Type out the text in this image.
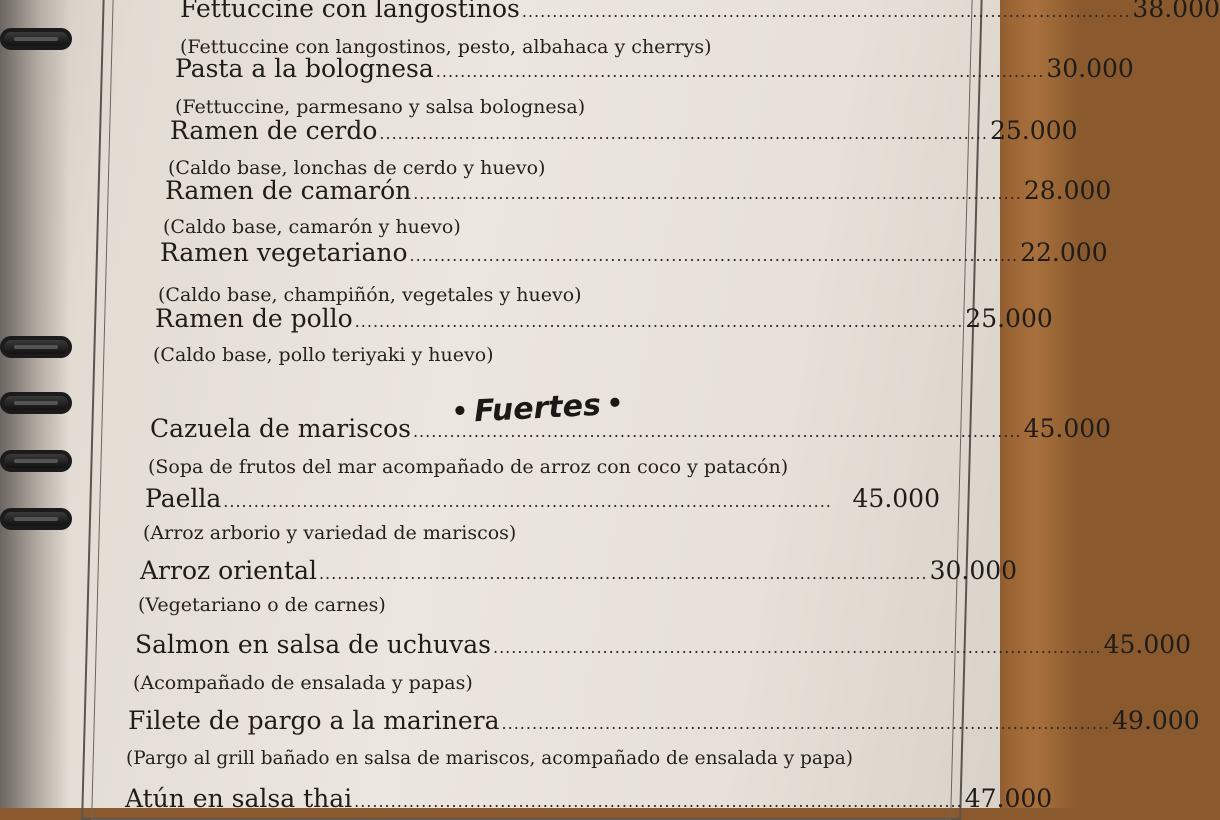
Fettuccine con langostinos .................................................................................................... 38.000
(Fettuccine con langostinos, pesto, albahaca y cherrys)
Pasta a la bolognesa .................................................................................................... 30.000
(Fettuccine, parmesano y salsa bolognesa)
Ramen de cerdo .................................................................................................... 25.000
(Caldo base, lonchas de cerdo y huevo)
Ramen de camarón .................................................................................................... 28.000
(Caldo base, camarón y huevo)
Ramen vegetariano .................................................................................................... 22.000
(Caldo base, champiñón, vegetales y huevo)
Ramen de pollo .................................................................................................... 25.000
(Caldo base, pollo teriyaki y huevo)
• Fuertes •
Cazuela de mariscos .................................................................................................... 45.000
(Sopa de frutos del mar acompañado de arroz con coco y patacón)
Paella .................................................................................................... 45.000
(Arroz arborio y variedad de mariscos)
Arroz oriental .................................................................................................... 30.000
(Vegetariano o de carnes)
Salmon en salsa de uchuvas .................................................................................................... 45.000
(Acompañado de ensalada y papas)
Filete de pargo a la marinera .................................................................................................... 49.000
(Pargo al grill bañado en salsa de mariscos, acompañado de ensalada y papa)
Atún en salsa thai .................................................................................................... 47.000
